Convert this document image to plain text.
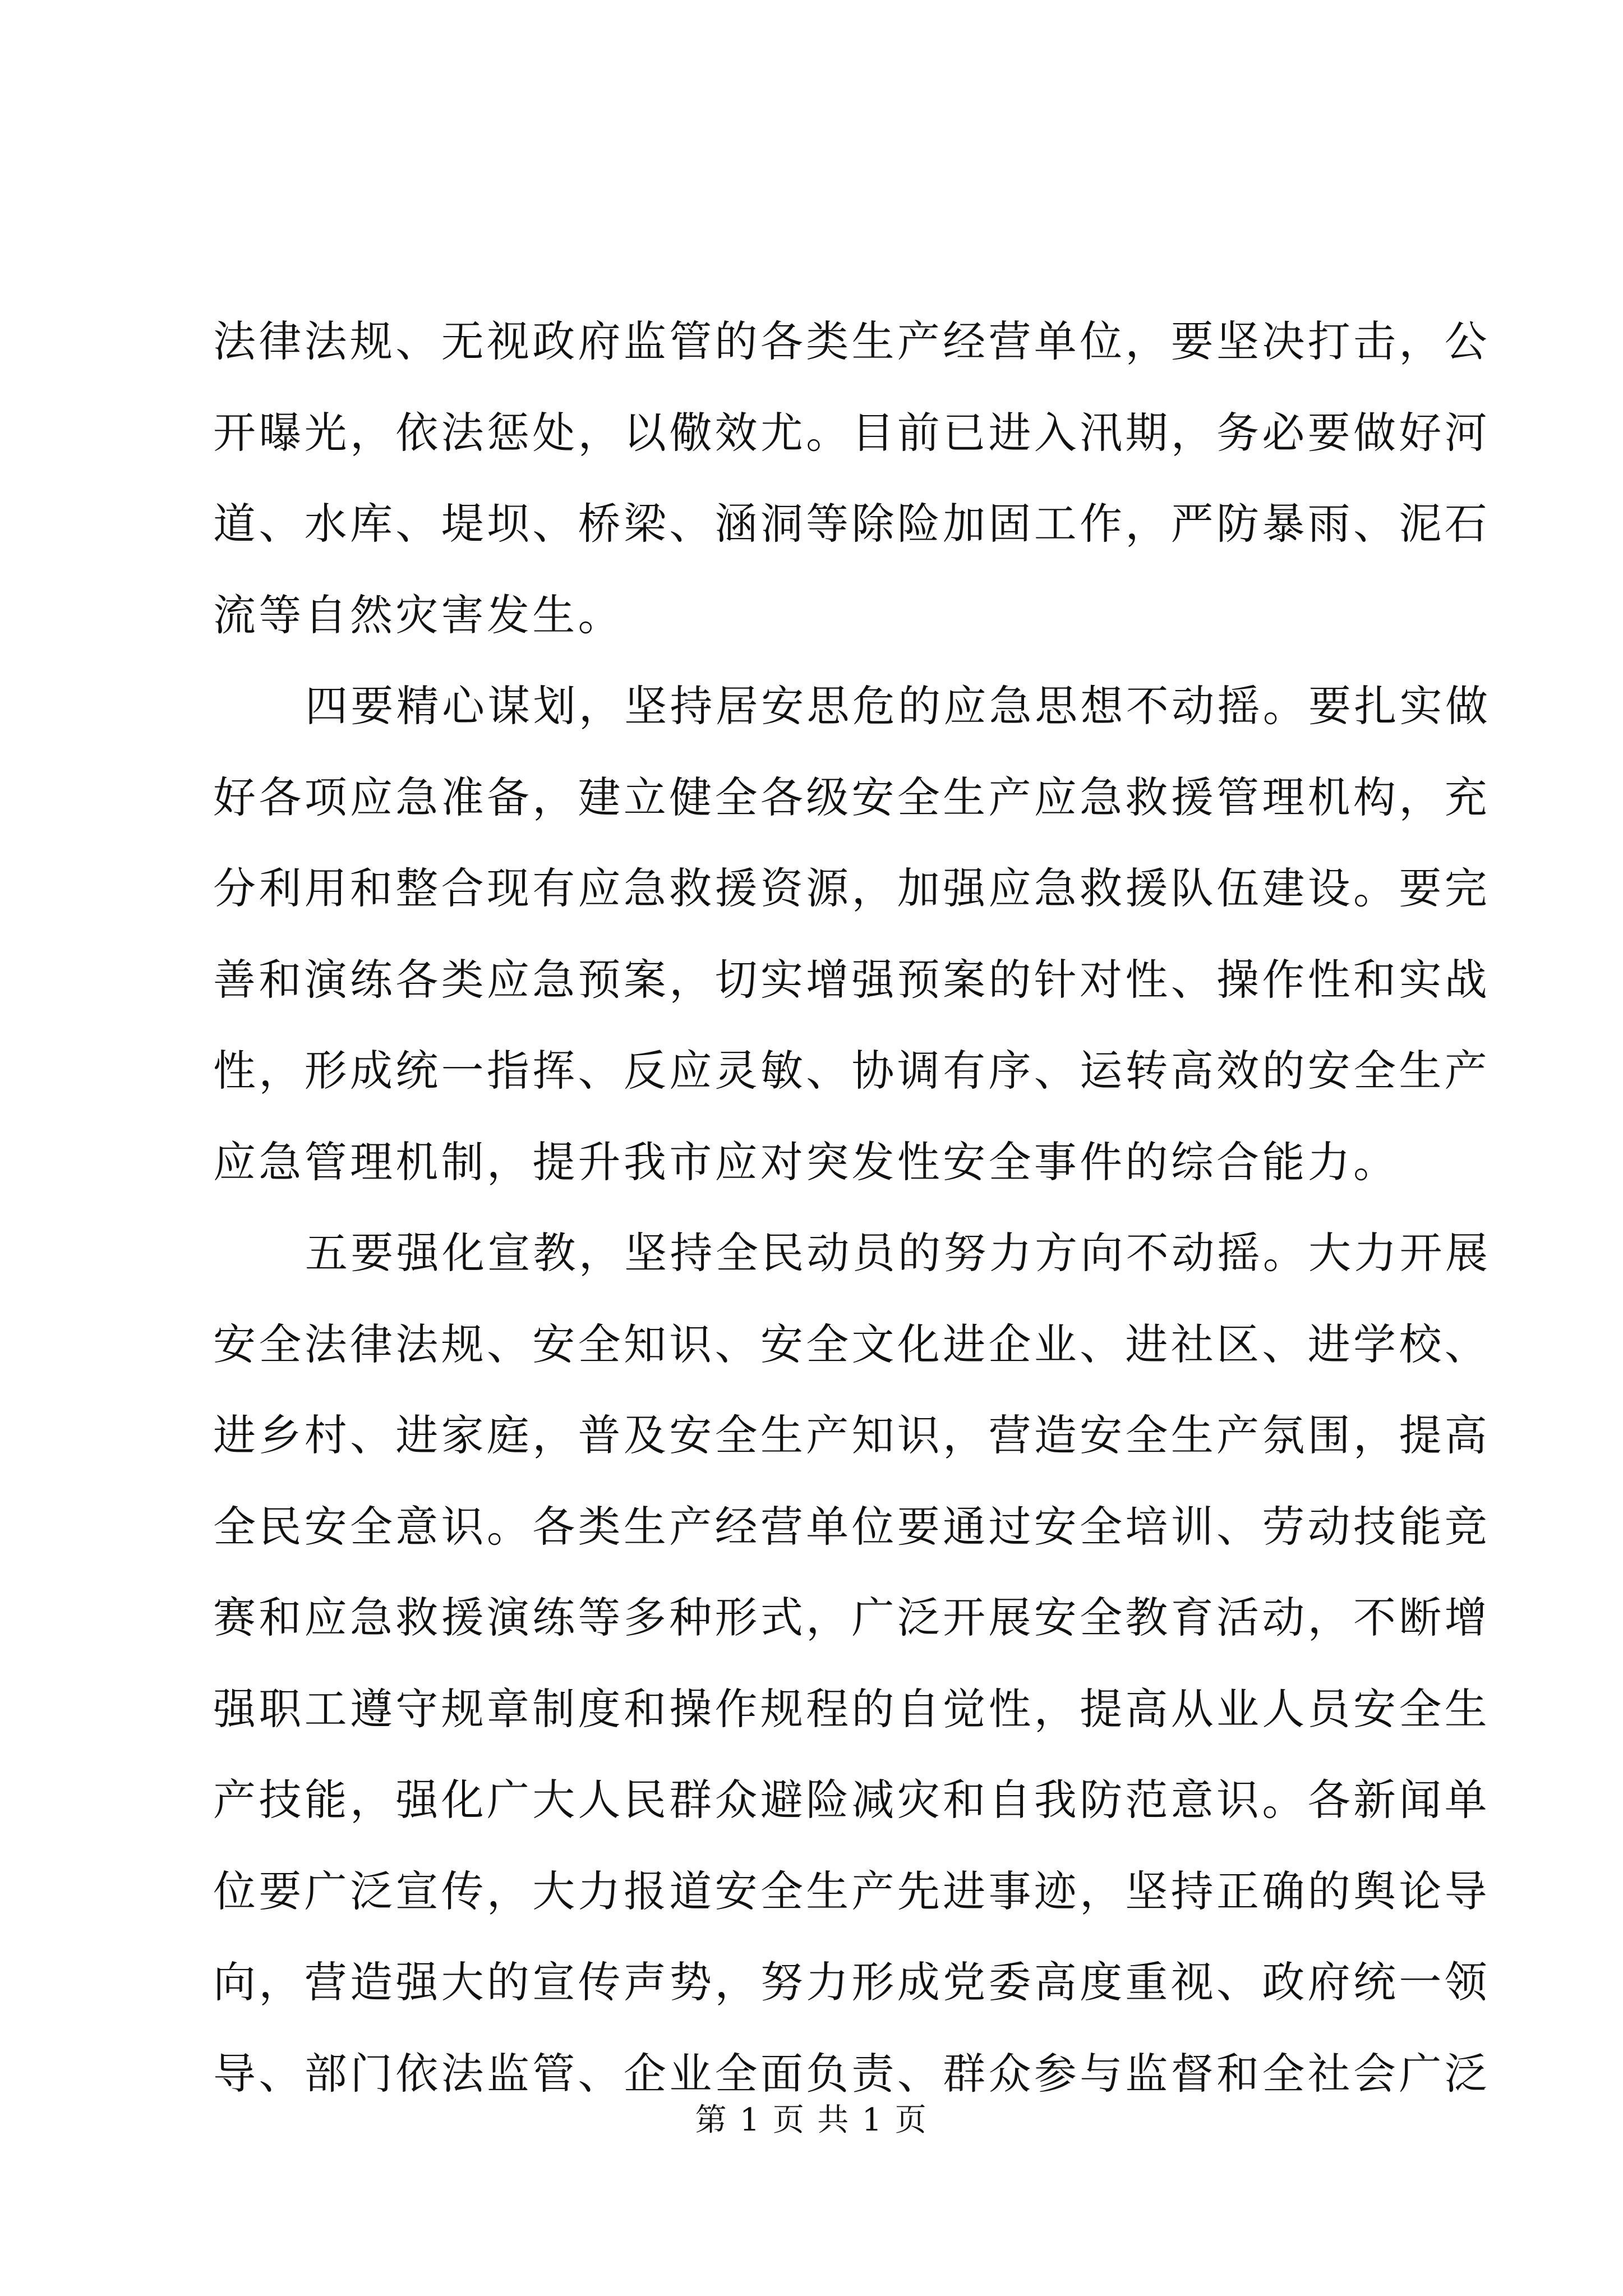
法律法规、无视政府监管的各类生产经营单位，要坚决打击，公
开曝光，依法惩处，以儆效尤。目前已进入汛期，务必要做好河
道、水库、堤坝、桥梁、涵洞等除险加固工作，严防暴雨、泥石
流等自然灾害发生。
四要精心谋划，坚持居安思危的应急思想不动摇。要扎实做
好各项应急准备，建立健全各级安全生产应急救援管理机构，充
分利用和整合现有应急救援资源，加强应急救援队伍建设。要完
善和演练各类应急预案，切实增强预案的针对性、操作性和实战
性，形成统一指挥、反应灵敏、协调有序、运转高效的安全生产
应急管理机制，提升我市应对突发性安全事件的综合能力。
五要强化宣教，坚持全民动员的努力方向不动摇。大力开展
安全法律法规、安全知识、安全文化进企业、进社区、进学校、
进乡村、进家庭，普及安全生产知识，营造安全生产氛围，提高
全民安全意识。各类生产经营单位要通过安全培训、劳动技能竞
赛和应急救援演练等多种形式，广泛开展安全教育活动，不断增
强职工遵守规章制度和操作规程的自觉性，提高从业人员安全生
产技能，强化广大人民群众避险减灾和自我防范意识。各新闻单
位要广泛宣传，大力报道安全生产先进事迹，坚持正确的舆论导
向，营造强大的宣传声势，努力形成党委高度重视、政府统一领
导、部门依法监管、企业全面负责、群众参与监督和全社会广泛
第 1 页 共 1 页
